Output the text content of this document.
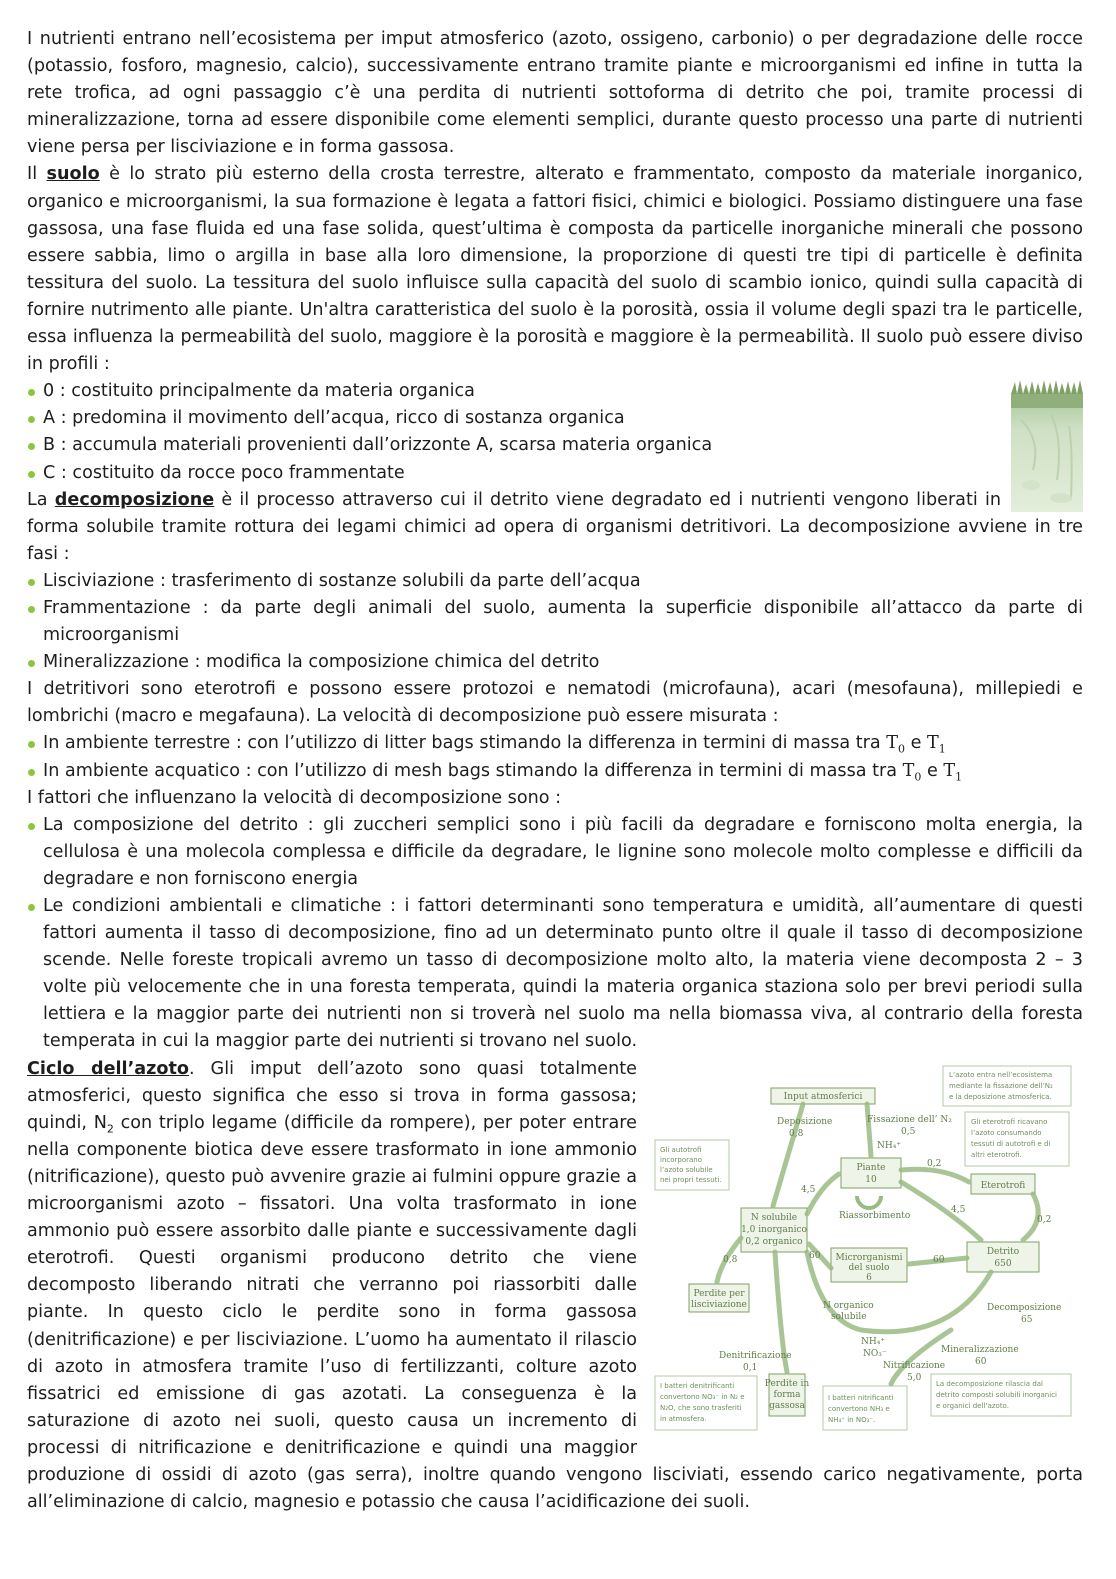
I nutrienti entrano nell’ecosistema per imput atmosferico (azoto, ossigeno, carbonio) o per degradazione delle rocce (potassio, fosforo, magnesio, calcio), successivamente entrano tramite piante e microorganismi ed infine in tutta la rete trofica, ad ogni passaggio c’è una perdita di nutrienti sottoforma di detrito che poi, tramite processi di mineralizzazione, torna ad essere disponibile come elementi semplici, durante questo processo una parte di nutrienti viene persa per lisciviazione e in forma gassosa.

Il suolo è lo strato più esterno della crosta terrestre, alterato e frammentato, composto da materiale inorganico, organico e microorganismi, la sua formazione è legata a fattori fisici, chimici e biologici. Possiamo distinguere una fase gassosa, una fase fluida ed una fase solida, quest’ultima è composta da particelle inorganiche minerali che possono essere sabbia, limo o argilla in base alla loro dimensione, la proporzione di questi tre tipi di particelle è definita tessitura del suolo. La tessitura del suolo influisce sulla capacità del suolo di scambio ionico, quindi sulla capacità di fornire nutrimento alle piante. Un'altra caratteristica del suolo è la porosità, ossia il volume degli spazi tra le particelle, essa influenza la permeabilità del suolo, maggiore è la porosità e maggiore è la permeabilità. Il suolo può essere diviso in profili :

0 : costituito principalmente da materia organica
A : predomina il movimento dell’acqua, ricco di sostanza organica
B : accumula materiali provenienti dall’orizzonte A, scarsa materia organica
C : costituito da rocce poco frammentate

La decomposizione è il processo attraverso cui il detrito viene degradato ed i nutrienti vengono liberati in forma solubile tramite rottura dei legami chimici ad opera di organismi detritivori. La decomposizione avviene in tre fasi :

Lisciviazione : trasferimento di sostanze solubili da parte dell’acqua
Frammentazione : da parte degli animali del suolo, aumenta la superficie disponibile all’attacco da parte di microorganismi
Mineralizzazione : modifica la composizione chimica del detrito

I detritivori sono eterotrofi e possono essere protozoi e nematodi (microfauna), acari (mesofauna), millepiedi e lombrichi (macro e megafauna). La velocità di decomposizione può essere misurata :

In ambiente terrestre : con l’utilizzo di litter bags stimando la differenza in termini di massa tra $T_0$ e $T_1$
In ambiente acquatico : con l’utilizzo di mesh bags stimando la differenza in termini di massa tra $T_0$ e $T_1$

I fattori che influenzano la velocità di decomposizione sono :

La composizione del detrito : gli zuccheri semplici sono i più facili da degradare e forniscono molta energia, la cellulosa è una molecola complessa e difficile da degradare, le lignine sono molecole molto complesse e difficili da degradare e non forniscono energia
Le condizioni ambientali e climatiche : i fattori determinanti sono temperatura e umidità, all’aumentare di questi fattori aumenta il tasso di decomposizione, fino ad un determinato punto oltre il quale il tasso di decomposizione scende. Nelle foreste tropicali avremo un tasso di decomposizione molto alto, la materia viene decomposta 2 – 3 volte più velocemente che in una foresta temperata, quindi la materia organica staziona solo per brevi periodi sulla lettiera e la maggior parte dei nutrienti non si troverà nel suolo ma nella biomassa viva, al contrario della foresta temperata in cui la maggior parte dei nutrienti si trovano nel suolo.
Input atmosferici
Deposizione
0,8
Fissazione dell’ N₂
0,5
NH₄⁺
Piante
10
Riassorbimento
Eterotrofi
N solubile
1,0 inorganico
0,2 organico
Microrganismi
del suolo
6
Detrito
650
Perdite per
lisciviazione	N organico
solubile
Decomposizione
65
Mineralizzazione
60
Denitrificazione
0,1
Perdite in
forma
gassosa
NH₄⁺
NO₃⁻
Nitrificazione
5,0
4,5
0,2
4,5
0,2
0,8	60	60
L’azoto entra nell’ecosistema
mediante la fissazione dell’N₂
e la deposizione atmosferica.
Gli eterotrofi ricavano
l’azoto consumando
tessuti di autotrofi e di
altri eterotrofi.
Gli autotrofi
incorporano
l’azoto solubile
nei propri tessuti.
I batteri denitrificanti
convertono NO₃⁻ in N₂ e
N₂O, che sono trasferiti
in atmosfera.
I batteri nitrificanti
convertono NH₃ e
NH₄⁺ in NO₃⁻.
La decomposizione rilascia dal
detrito composti solubili inorganici
e organici dell’azoto.

Ciclo dell’azoto. Gli imput dell’azoto sono quasi totalmente atmosferici, questo significa che esso si trova in forma gassosa; quindi, $N_2$ con triplo legame (difficile da rompere), per poter entrare nella componente biotica deve essere trasformato in ione ammonio (nitrificazione), questo può avvenire grazie ai fulmini oppure grazie a microorganismi azoto – fissatori. Una volta trasformato in ione ammonio può essere assorbito dalle piante e successivamente dagli eterotrofi. Questi organismi producono detrito che viene decomposto liberando nitrati che verranno poi riassorbiti dalle piante. In questo ciclo le perdite sono in forma gassosa (denitrificazione) e per lisciviazione. L’uomo ha aumentato il rilascio di azoto in atmosfera tramite l’uso di fertilizzanti, colture azoto fissatrici ed emissione di gas azotati. La conseguenza è la saturazione di azoto nei suoli, questo causa un incremento di processi di nitrificazione e denitrificazione e quindi una maggior produzione di ossidi di azoto (gas serra), inoltre quando vengono lisciviati, essendo carico negativamente, porta all’eliminazione di calcio, magnesio e potassio che causa l’acidificazione dei suoli.
